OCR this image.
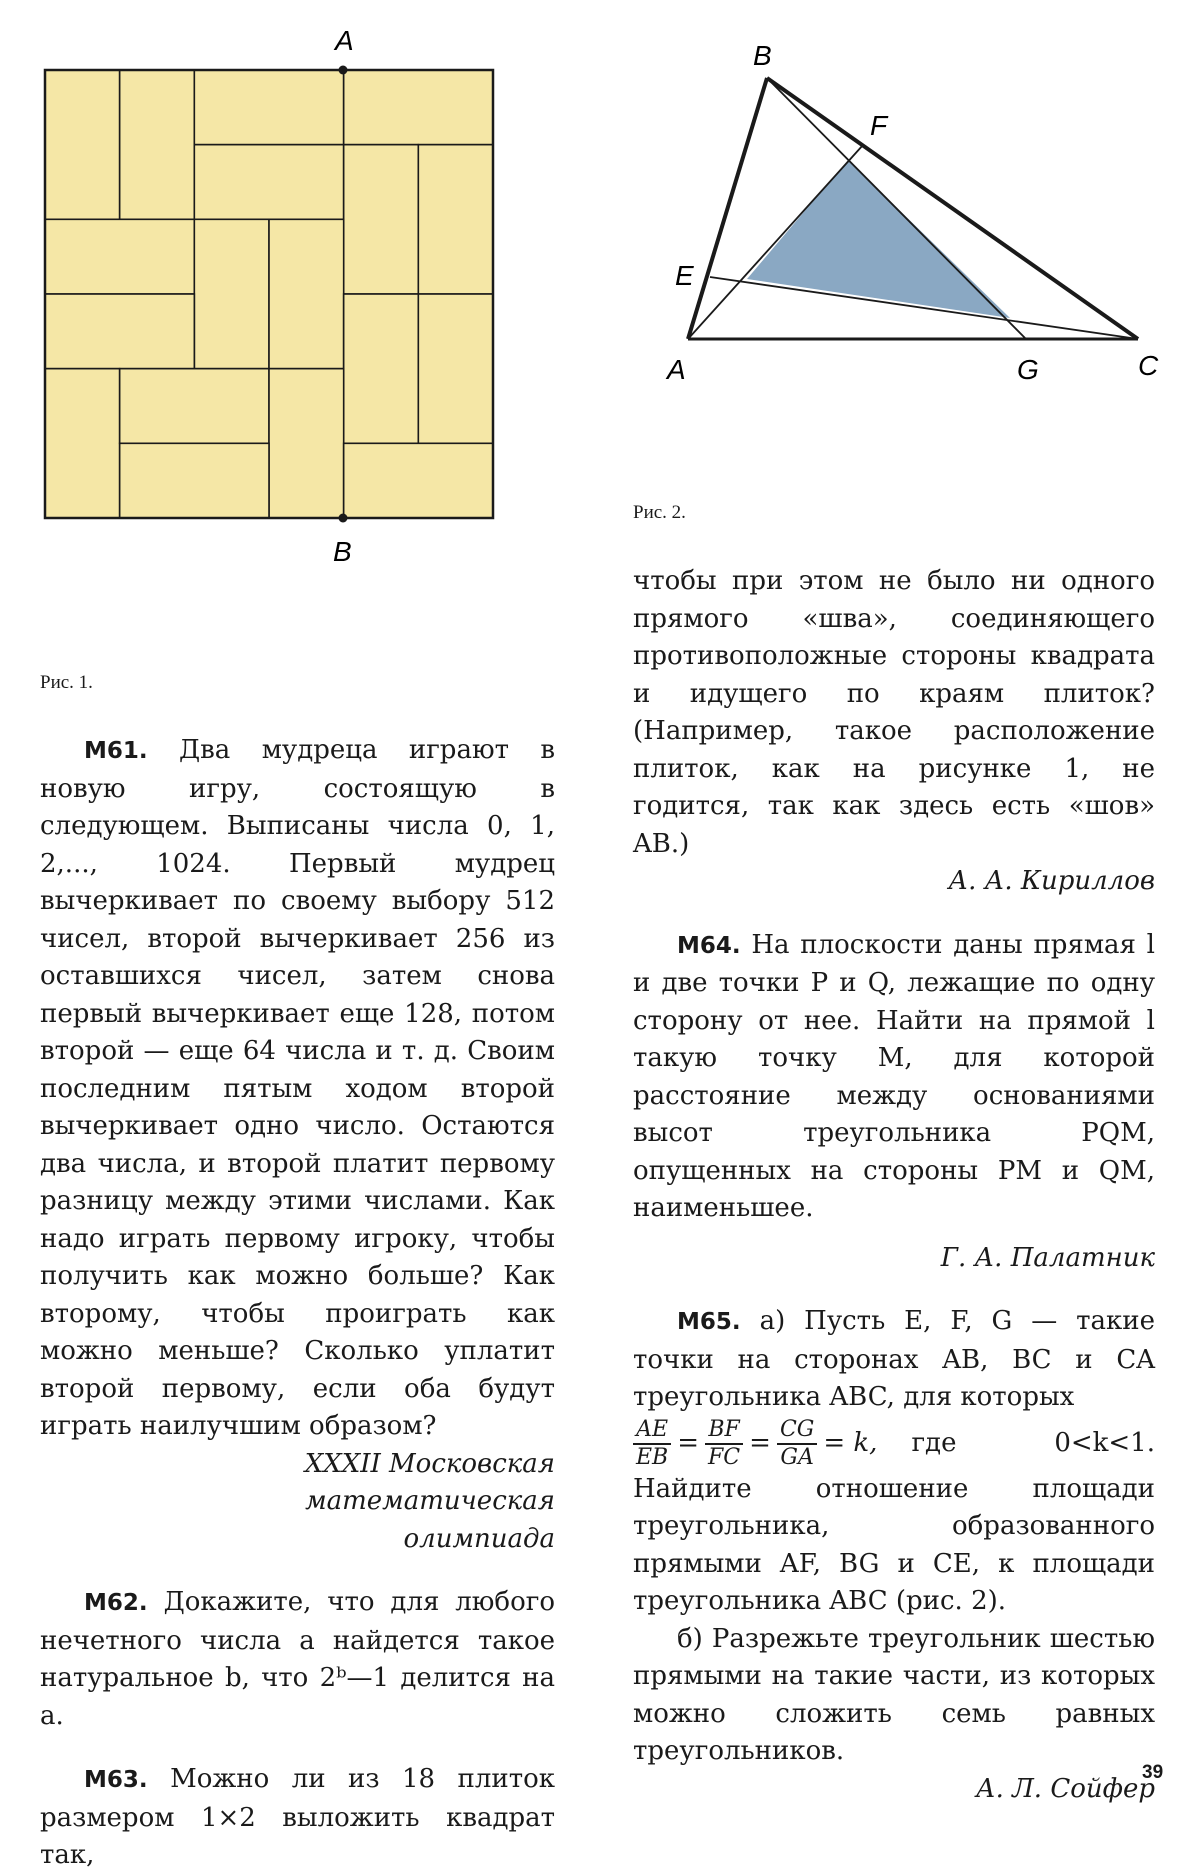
A
B
Рис. 1.
B
F
E
A	G	C
Рис. 2.

M61. Два мудреца играют в новую игру, состоящую в следующем. Выписаны числа 0, 1, 2,..., 1024. Первый мудрец вычеркивает по своему выбору 512 чисел, второй вычеркивает 256 из оставшихся чисел, затем снова первый вычеркивает еще 128, потом второй — еще 64 числа и т. д. Своим последним пятым ходом второй вычеркивает одно число. Остаются два числа, и второй платит первому разницу между этими числами. Как надо играть первому игроку, чтобы получить как можно больше? Как второму, чтобы проиграть как можно меньше? Сколько уплатит второй первому, если оба будут играть наилучшим образом?

XXXII Московская

математическая

олимпиада

M62. Докажите, что для любого нечетного числа a найдется такое натуральное b, что 2ᵇ—1 делится на a.

M63. Можно ли из 18 плиток размером 1×2 выложить квадрат так,

чтобы при этом не было ни одного прямого «шва», соединяющего противоположные стороны квадрата и идущего по краям плиток? (Например, такое расположение плиток, как на рисунке 1, не годится, так как здесь есть «шов» AB.)

А. А. Кириллов

M64. На плоскости даны прямая l и две точки P и Q, лежащие по одну сторону от нее. Найти на прямой l такую точку M, для которой расстояние между основаниями высот треугольника PQM, опущенных на стороны PM и QM, наименьшее.

Г. А. Палатник

M65. а) Пусть E, F, G — такие точки на сторонах AB, BC и CA треугольника ABC, для которых

$\frac{AE}{EB} = \frac{BF}{FC} = \frac{CG}{GA} = k$, где	0<k<1.

Найдите отношение площади треугольника, образованного прямыми AF, BG и CE, к площади треугольника ABC (рис. 2).

б) Разрежьте треугольник шестью прямыми на такие части, из которых можно сложить семь равных треугольников.

А. Л. Сойфер

39
